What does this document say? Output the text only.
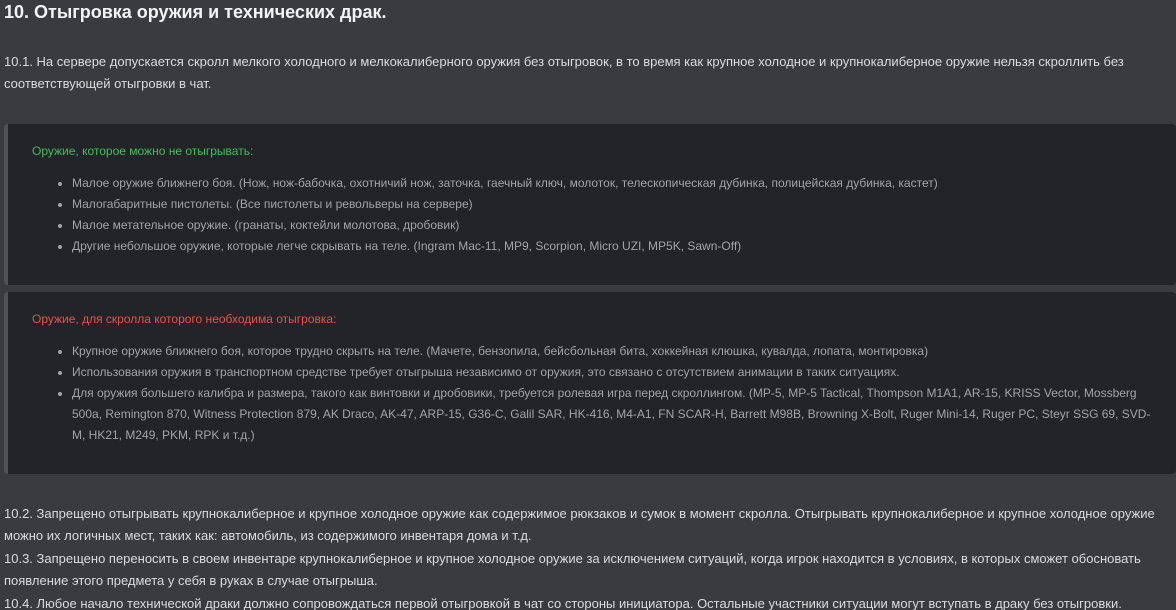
10. Отыгровка оружия и технических драк.

10.1. На сервере допускается скролл мелкого холодного и мелкокалиберного оружия без отыгровок, в то время как крупное холодное и крупнокалиберное оружие нельзя скроллить без соответствующей отыгровки в чат.

Оружие, которое можно не отыгрывать:

• Малое оружие ближнего боя. (Нож, нож-бабочка, охотничий нож, заточка, гаечный ключ, молоток, телескопическая дубинка, полицейская дубинка, кастет)
• Малогабаритные пистолеты. (Все пистолеты и револьверы на сервере)
• Малое метательное оружие. (гранаты, коктейли молотова, дробовик)
• Другие небольшое оружие, которые легче скрывать на теле. (Ingram Mac-11, MP9, Scorpion, Micro UZI, MP5K, Sawn-Off)

Оружие, для скролла которого необходима отыгровка:

• Крупное оружие ближнего боя, которое трудно скрыть на теле. (Мачете, бензопила, бейсбольная бита, хоккейная клюшка, кувалда, лопата, монтировка)
• Использования оружия в транспортном средстве требует отыгрыша независимо от оружия, это связано с отсутствием анимации в таких ситуациях.
• Для оружия большего калибра и размера, такого как винтовки и дробовики, требуется ролевая игра перед скроллингом. (MP-5, MP-5 Tactical, Thompson M1A1, AR-15, KRISS Vector, Mossberg 500a, Remington 870, Witness Protection 879, AK Draco, AK-47, ARP-15, G36-C, Galil SAR, HK-416, M4-A1, FN SCAR-H, Barrett M98B, Browning X-Bolt, Ruger Mini-14, Ruger PC, Steyr SSG 69, SVD-M, HK21, M249, PKM, RPK и т.д.)

10.2. Запрещено отыгрывать крупнокалиберное и крупное холодное оружие как содержимое рюкзаков и сумок в момент скролла. Отыгрывать крупнокалиберное и крупное холодное оружие можно их логичных мест, таких как: автомобиль, из содержимого инвентаря дома и т.д.

10.3. Запрещено переносить в своем инвентаре крупнокалиберное и крупное холодное оружие за исключением ситуаций, когда игрок находится в условиях, в которых сможет обосновать появление этого предмета у себя в руках в случае отыгрыша.

10.4. Любое начало технической драки должно сопровождаться первой отыгровкой в чат со стороны инициатора. Остальные участники ситуации могут вступать в драку без отыгровки.
